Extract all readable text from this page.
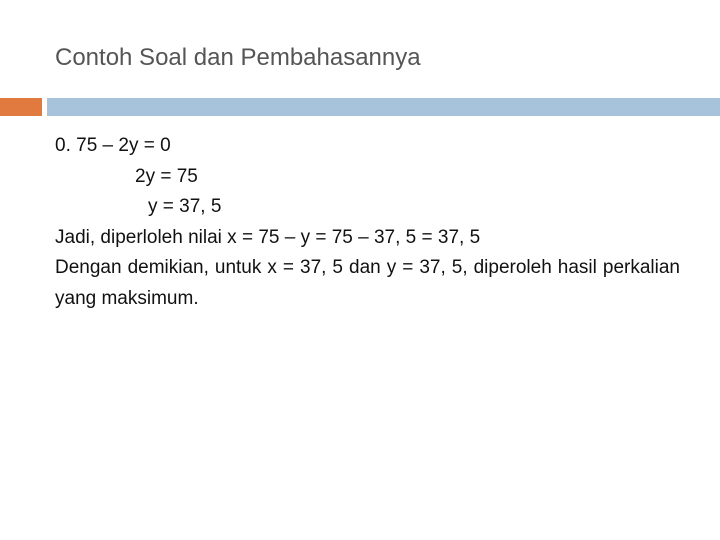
Contoh Soal dan Pembahasannya
0. 75 – 2y = 0
2y = 75
y = 37, 5
Jadi, diperloleh nilai x = 75 – y = 75 – 37, 5 = 37, 5

Dengan demikian, untuk x = 37, 5 dan y = 37, 5, diperoleh hasil perkalian yang maksimum.
